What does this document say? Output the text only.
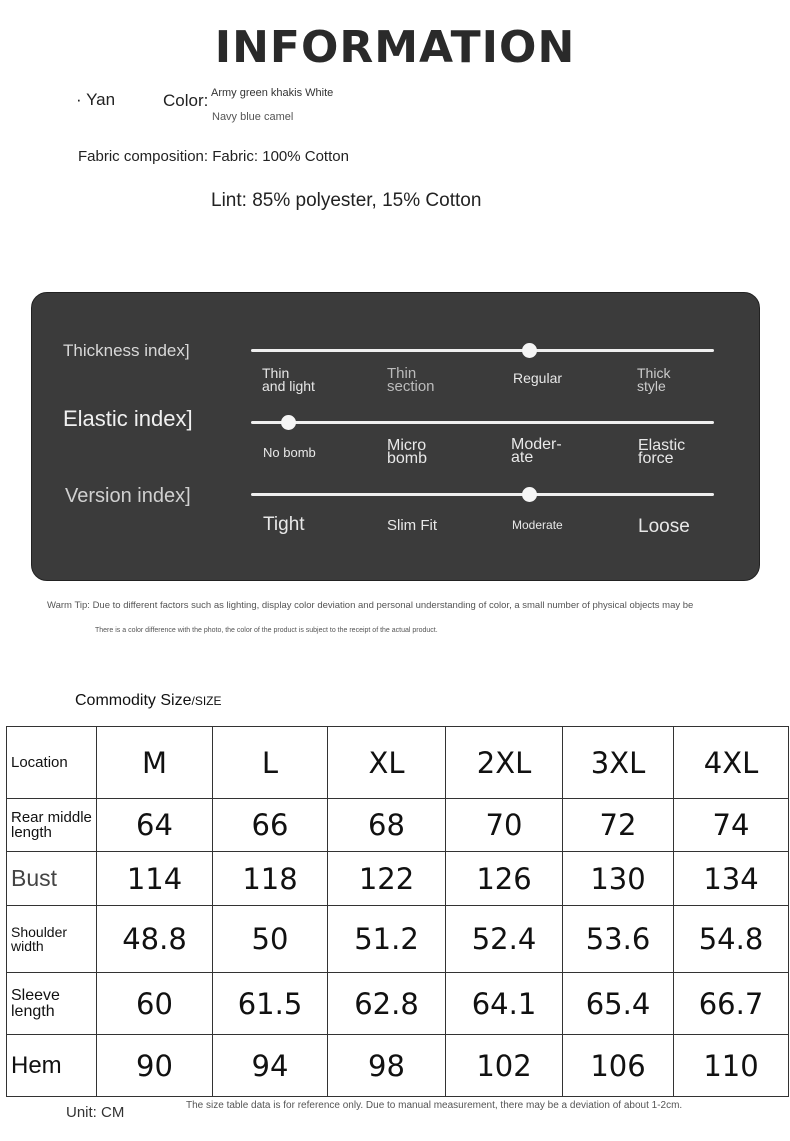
INFORMATION
· Yan	Color: Army green khakis White
Navy blue camel
Fabric composition: Fabric: 100% Cotton
Lint: 85% polyester, 15% Cotton
Thickness index]
Thin
and light
Thin
section	Regular	Thick
style
Elastic index]
No bomb	Micro
bomb
Moder-
ate
Elastic
force
Version index]
Tight	Slim Fit	Moderate	Loose
Warm Tip: Due to different factors such as lighting, display color deviation and personal understanding of color, a small number of physical objects may be
There is a color difference with the photo, the color of the product is subject to the receipt of the actual product.
Commodity Size/SIZE
Location	M	L	XL	2XL	3XL	4XL
Rear middle length	64	66	68	70	72	74
Bust	114	118	122	126	130	134
Shoulder width	48.8	50	51.2	52.4	53.6	54.8
Sleeve length	60	61.5	62.8	64.1	65.4	66.7
Hem	90	94	98	102	106	110
Unit: CM	The size table data is for reference only. Due to manual measurement, there may be a deviation of about 1-2cm.
